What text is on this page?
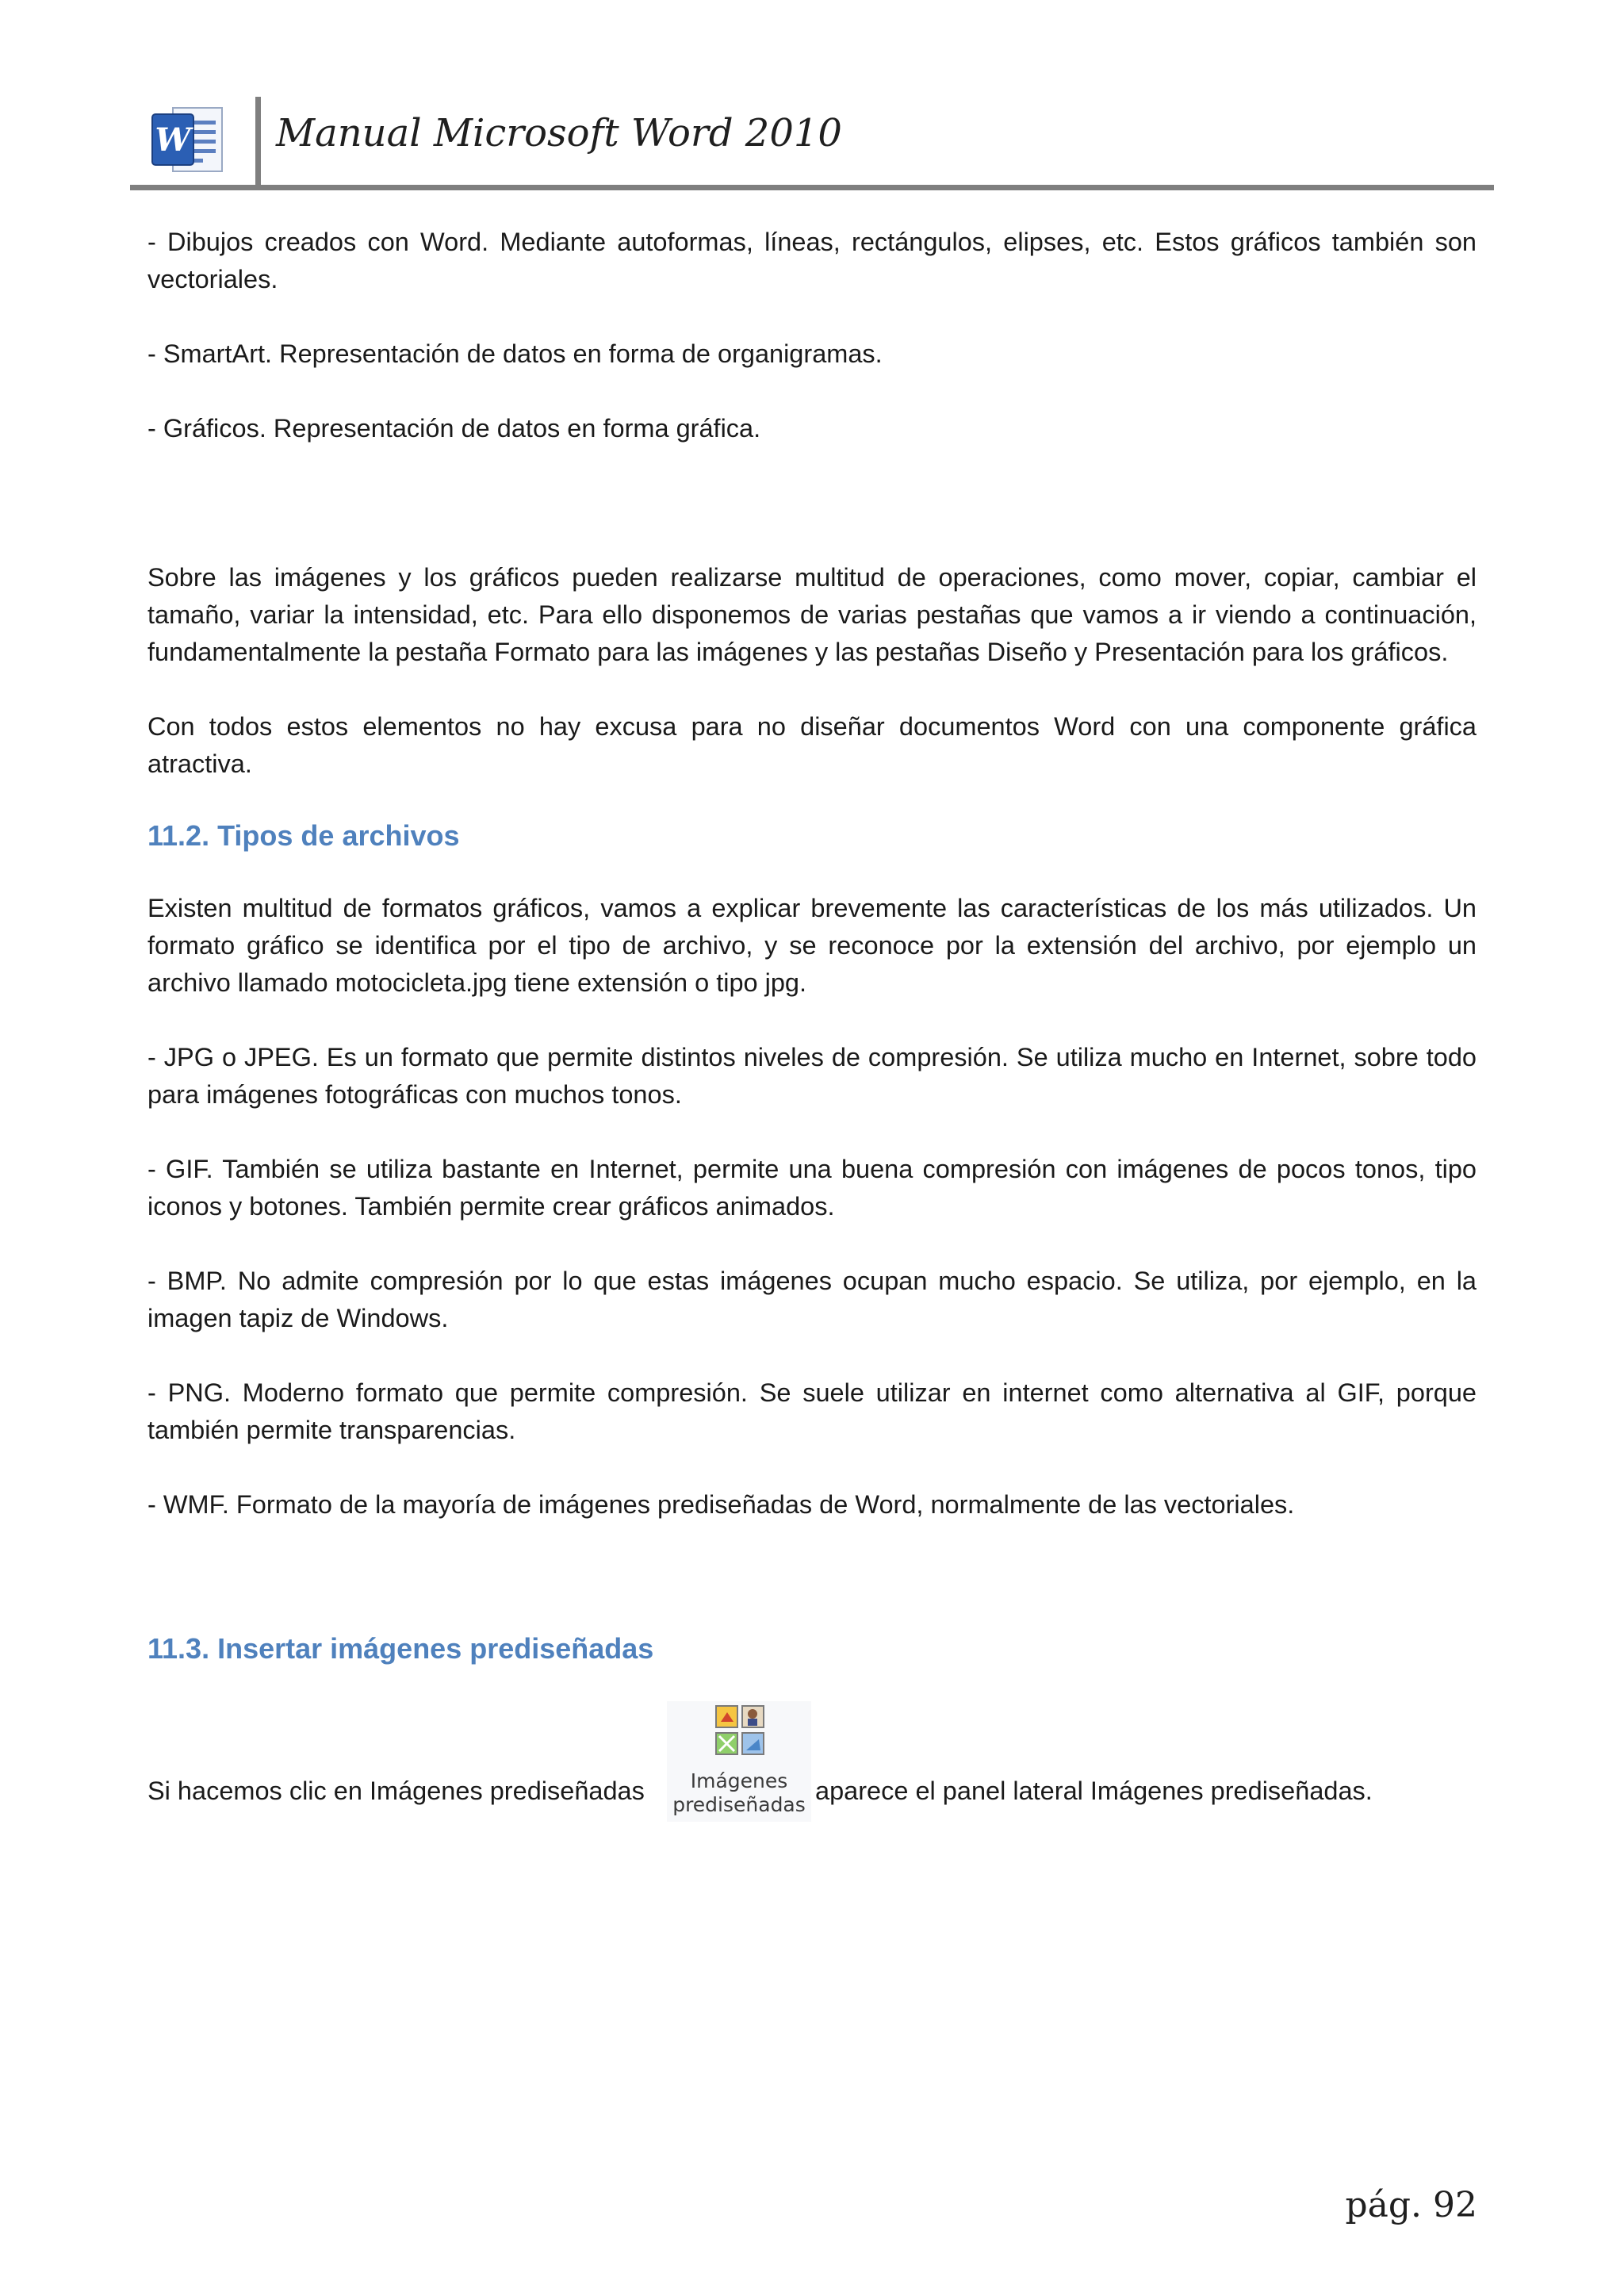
W Manual Microsoft Word 2010

- Dibujos creados con Word. Mediante autoformas, líneas, rectángulos, elipses, etc. Estos gráficos también son vectoriales.

- SmartArt. Representación de datos en forma de organigramas.

- Gráficos. Representación de datos en forma gráfica.

Sobre las imágenes y los gráficos pueden realizarse multitud de operaciones, como mover, copiar, cambiar el tamaño, variar la intensidad, etc. Para ello disponemos de varias pestañas que vamos a ir viendo a continuación, fundamentalmente la pestaña Formato para las imágenes y las pestañas Diseño y Presentación para los gráficos.

Con todos estos elementos no hay excusa para no diseñar documentos Word con una componente gráfica atractiva.

11.2. Tipos de archivos

Existen multitud de formatos gráficos, vamos a explicar brevemente las características de los más utilizados. Un formato gráfico se identifica por el tipo de archivo, y se reconoce por la extensión del archivo, por ejemplo un archivo llamado motocicleta.jpg tiene extensión o tipo jpg.

- JPG o JPEG. Es un formato que permite distintos niveles de compresión. Se utiliza mucho en Internet, sobre todo para imágenes fotográficas con muchos tonos.

- GIF. También se utiliza bastante en Internet, permite una buena compresión con imágenes de pocos tonos, tipo iconos y botones. También permite crear gráficos animados.

- BMP. No admite compresión por lo que estas imágenes ocupan mucho espacio. Se utiliza, por ejemplo, en la imagen tapiz de Windows.

- PNG. Moderno formato que permite compresión. Se suele utilizar en internet como alternativa al GIF, porque también permite transparencias.

- WMF. Formato de la mayoría de imágenes prediseñadas de Word, normalmente de las vectoriales.

11.3. Insertar imágenes prediseñadas
Si hacemos clic en Imágenes prediseñadas	Imágenes
prediseñadas aparece el panel lateral Imágenes prediseñadas.
pág. 92
